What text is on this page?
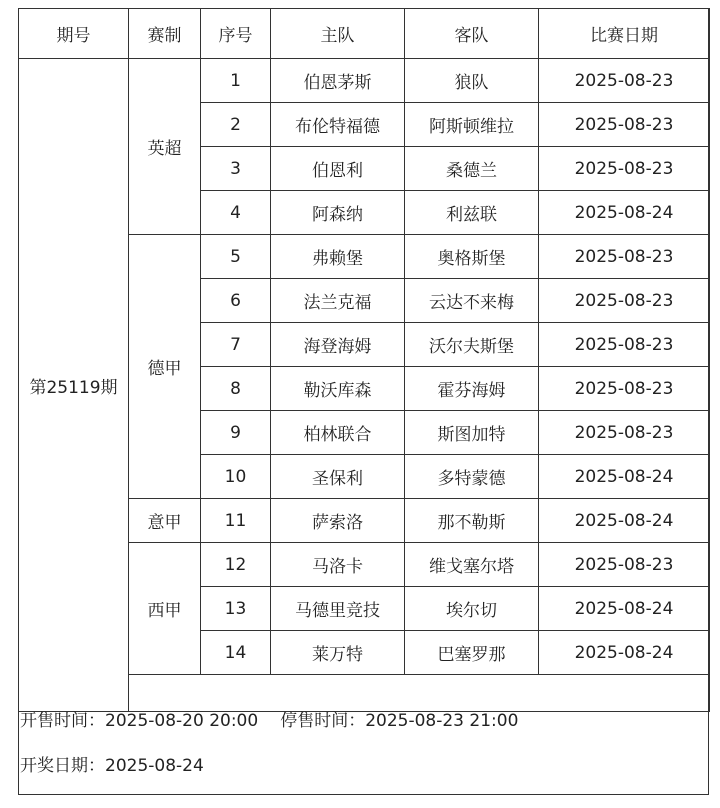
期号	赛制	序号	主队	客队	比赛日期
第25119期	英超	1	伯恩茅斯	狼队	2025-08-23
		2	布伦特福德	阿斯顿维拉	2025-08-23
		3	伯恩利	桑德兰	2025-08-23
		4	阿森纳	利兹联	2025-08-24
	德甲	5	弗赖堡	奥格斯堡	2025-08-23
		6	法兰克福	云达不来梅	2025-08-23
		7	海登海姆	沃尔夫斯堡	2025-08-23
		8	勒沃库森	霍芬海姆	2025-08-23
		9	柏林联合	斯图加特	2025-08-23
		10	圣保利	多特蒙德	2025-08-24
	意甲	11	萨索洛	那不勒斯	2025-08-24
	西甲	12	马洛卡	维戈塞尔塔	2025-08-23
		13	马德里竞技	埃尔切	2025-08-24
		14	莱万特	巴塞罗那	2025-08-24

开售时间：2025-08-20 20:00 停售时间：2025-08-23 21:00
开奖日期：2025-08-24
